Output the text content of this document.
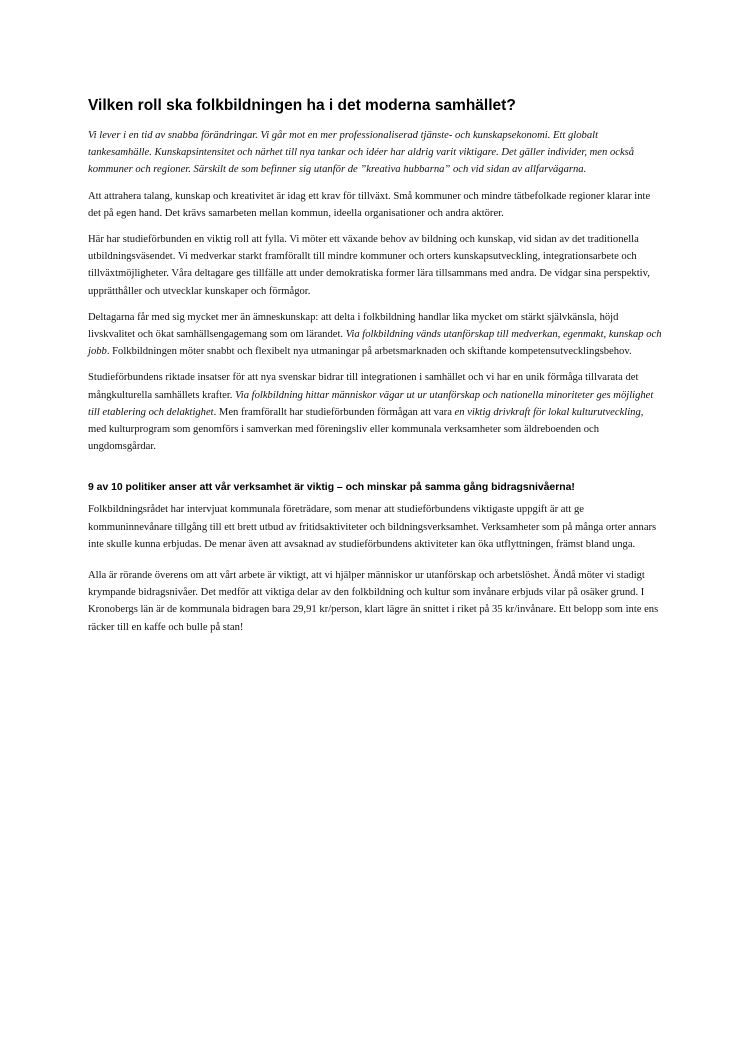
Vilken roll ska folkbildningen ha i det moderna samhället?

Vi lever i en tid av snabba förändringar. Vi går mot en mer professionaliserad tjänste- och kunskapsekonomi. Ett globalt tankesamhälle. Kunskapsintensitet och närhet till nya tankar och idéer har aldrig varit viktigare. Det gäller individer, men också kommuner och regioner. Särskilt de som befinner sig utanför de ”kreativa hubbarna” och vid sidan av allfarvägarna.

Att attrahera talang, kunskap och kreativitet är idag ett krav för tillväxt. Små kommuner och mindre tätbefolkade regioner klarar inte det på egen hand. Det krävs samarbeten mellan kommun, ideella organisationer och andra aktörer.

Här har studieförbunden en viktig roll att fylla. Vi möter ett växande behov av bildning och kunskap, vid sidan av det traditionella utbildningsväsendet. Vi medverkar starkt framförallt till mindre kommuner och orters kunskapsutveckling, integrationsarbete och tillväxtmöjligheter. Våra deltagare ges tillfälle att under demokratiska former lära tillsammans med andra. De vidgar sina perspektiv, upprätthåller och utvecklar kunskaper och förmågor.

Deltagarna får med sig mycket mer än ämneskunskap: att delta i folkbildning handlar lika mycket om stärkt självkänsla, höjd livskvalitet och ökat samhällsengagemang som om lärandet. Via folkbildning vänds utanförskap till medverkan, egenmakt, kunskap och jobb. Folkbildningen möter snabbt och flexibelt nya utmaningar på arbetsmarknaden och skiftande kompetensutvecklingsbehov.

Studieförbundens riktade insatser för att nya svenskar bidrar till integrationen i samhället och vi har en unik förmåga tillvarata det mångkulturella samhällets krafter. Via folkbildning hittar människor vägar ut ur utanförskap och nationella minoriteter ges möjlighet till etablering och delaktighet. Men framförallt har studieförbunden förmågan att vara en viktig drivkraft för lokal kulturutveckling, med kulturprogram som genomförs i samverkan med föreningsliv eller kommunala verksamheter som äldreboenden och ungdomsgårdar.

9 av 10 politiker anser att vår verksamhet är viktig – och minskar på samma gång bidragsnivåerna!

Folkbildningsrådet har intervjuat kommunala företrädare, som menar att studieförbundens viktigaste uppgift är att ge kommuninnevånare tillgång till ett brett utbud av fritidsaktiviteter och bildningsverksamhet. Verksamheter som på många orter annars inte skulle kunna erbjudas. De menar även att avsaknad av studieförbundens aktiviteter kan öka utflyttningen, främst bland unga.

Alla är rörande överens om att vårt arbete är viktigt, att vi hjälper människor ur utanförskap och arbetslöshet. Ändå möter vi stadigt krympande bidragsnivåer. Det medför att viktiga delar av den folkbildning och kultur som invånare erbjuds vilar på osäker grund. I Kronobergs län är de kommunala bidragen bara 29,91 kr/person, klart lägre än snittet i riket på 35 kr/invånare. Ett belopp som inte ens räcker till en kaffe och bulle på stan!
